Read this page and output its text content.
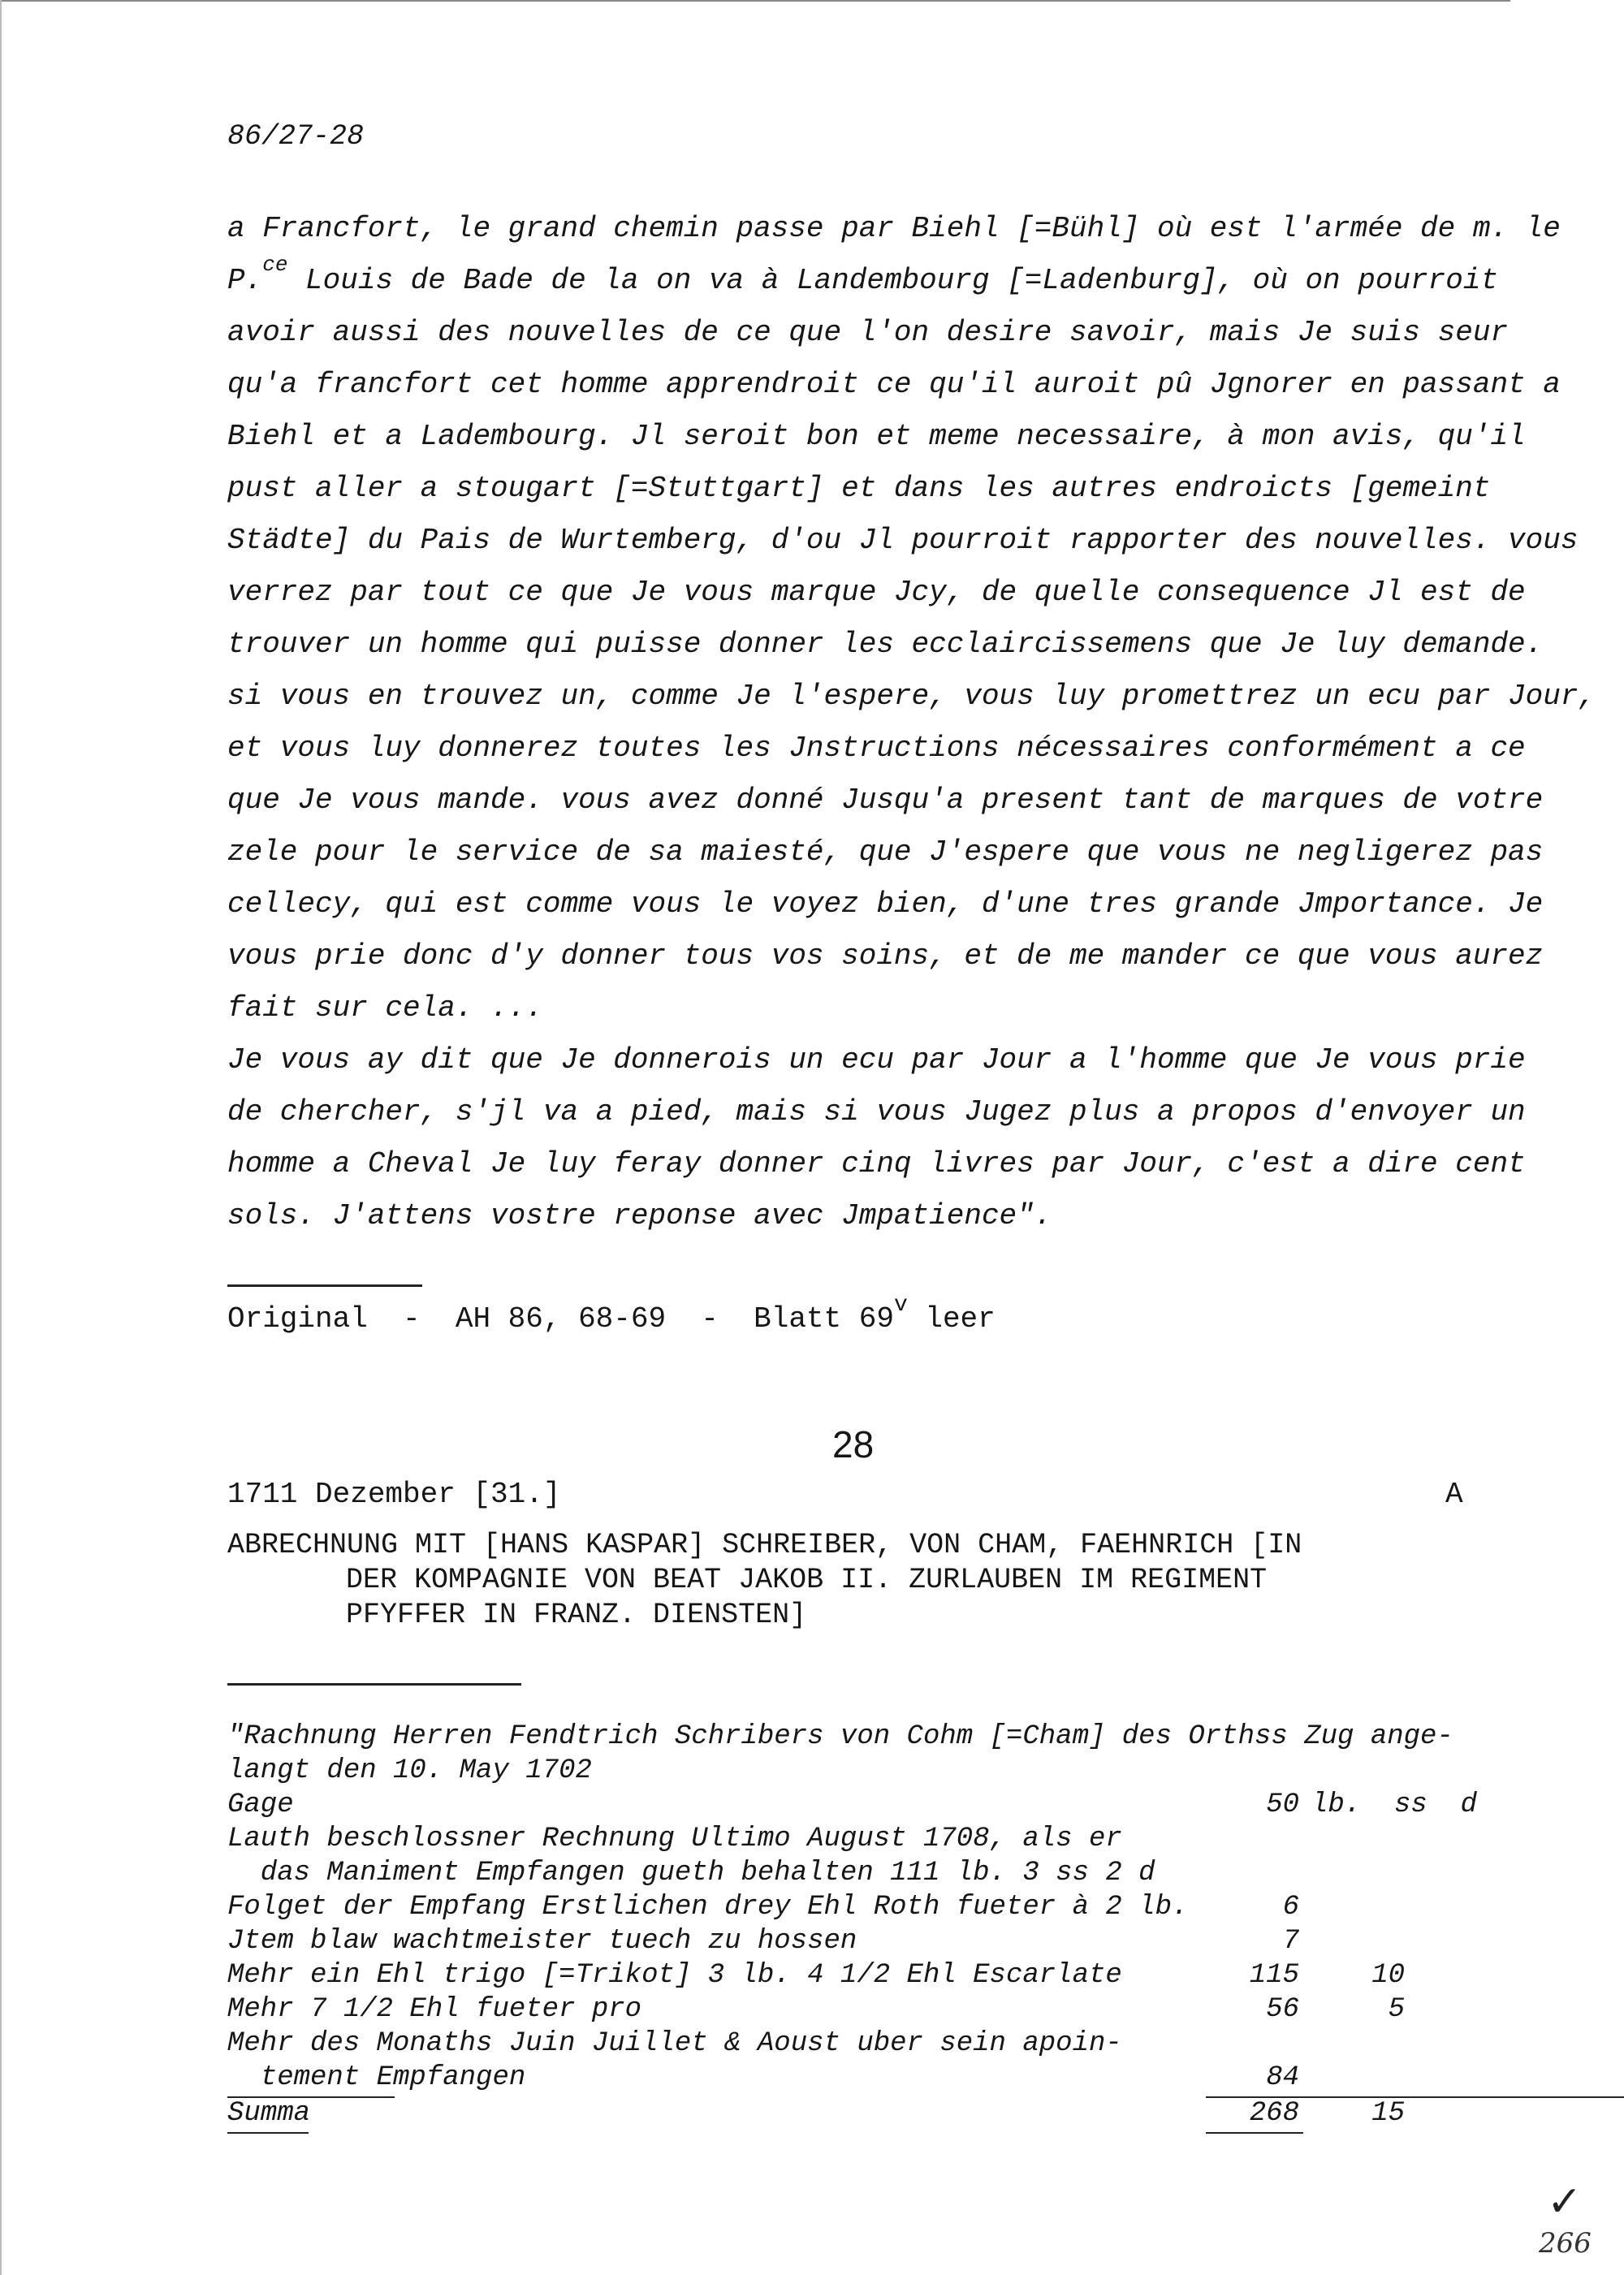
86/27-28
a Francfort, le grand chemin passe par Biehl [=Bühl] où est l'armée de m. le
P.$^{ce}$ Louis de Bade de la on va à Landembourg [=Ladenburg], où on pourroit
avoir aussi des nouvelles de ce que l'on desire savoir, mais Je suis seur
qu'a francfort cet homme apprendroit ce qu'il auroit pû Jgnorer en passant a
Biehl et a Ladembourg. Jl seroit bon et meme necessaire, à mon avis, qu'il
pust aller a stougart [=Stuttgart] et dans les autres endroicts [gemeint
Städte] du Pais de Wurtemberg, d'ou Jl pourroit rapporter des nouvelles. vous
verrez par tout ce que Je vous marque Jcy, de quelle consequence Jl est de
trouver un homme qui puisse donner les ecclaircissemens que Je luy demande.
si vous en trouvez un, comme Je l'espere, vous luy promettrez un ecu par Jour,
et vous luy donnerez toutes les Jnstructions nécessaires conformément a ce
que Je vous mande. vous avez donné Jusqu'a present tant de marques de votre
zele pour le service de sa maiesté, que J'espere que vous ne negligerez pas
cellecy, qui est comme vous le voyez bien, d'une tres grande Jmportance. Je
vous prie donc d'y donner tous vos soins, et de me mander ce que vous aurez
fait sur cela. ...
Je vous ay dit que Je donnerois un ecu par Jour a l'homme que Je vous prie
de chercher, s'jl va a pied, mais si vous Jugez plus a propos d'envoyer un
homme a Cheval Je luy feray donner cinq livres par Jour, c'est a dire cent
sols. J'attens vostre reponse avec Jmpatience".
Original  -  AH 86, 68-69  -  Blatt 69$^v$ leer
28
1711 Dezember [31.]	A
ABRECHNUNG MIT [HANS KASPAR] SCHREIBER, VON CHAM, FAEHNRICH [IN
DER KOMPAGNIE VON BEAT JAKOB II. ZURLAUBEN IM REGIMENT
PFYFFER IN FRANZ. DIENSTEN]
"Rachnung Herren Fendtrich Schribers von Cohm [=Cham] des Orthss Zug ange-
langt den 10. May 1702
Gage	50 lb.  ss  d
Lauth beschlossner Rechnung Ultimo August 1708, als er
das Maniment Empfangen gueth behalten 111 lb. 3 ss 2 d
Folget der Empfang Erstlichen drey Ehl Roth fueter à 2 lb.	6
Jtem blaw wachtmeister tuech zu hossen	7
Mehr ein Ehl trigo [=Trikot] 3 lb. 4 1/2 Ehl Escarlate	115	10
Mehr 7 1/2 Ehl fueter pro	56	5
Mehr des Monaths Juin Juillet & Aoust uber sein apoin-
tement Empfangen	84
Summa	268	15
✓
266
